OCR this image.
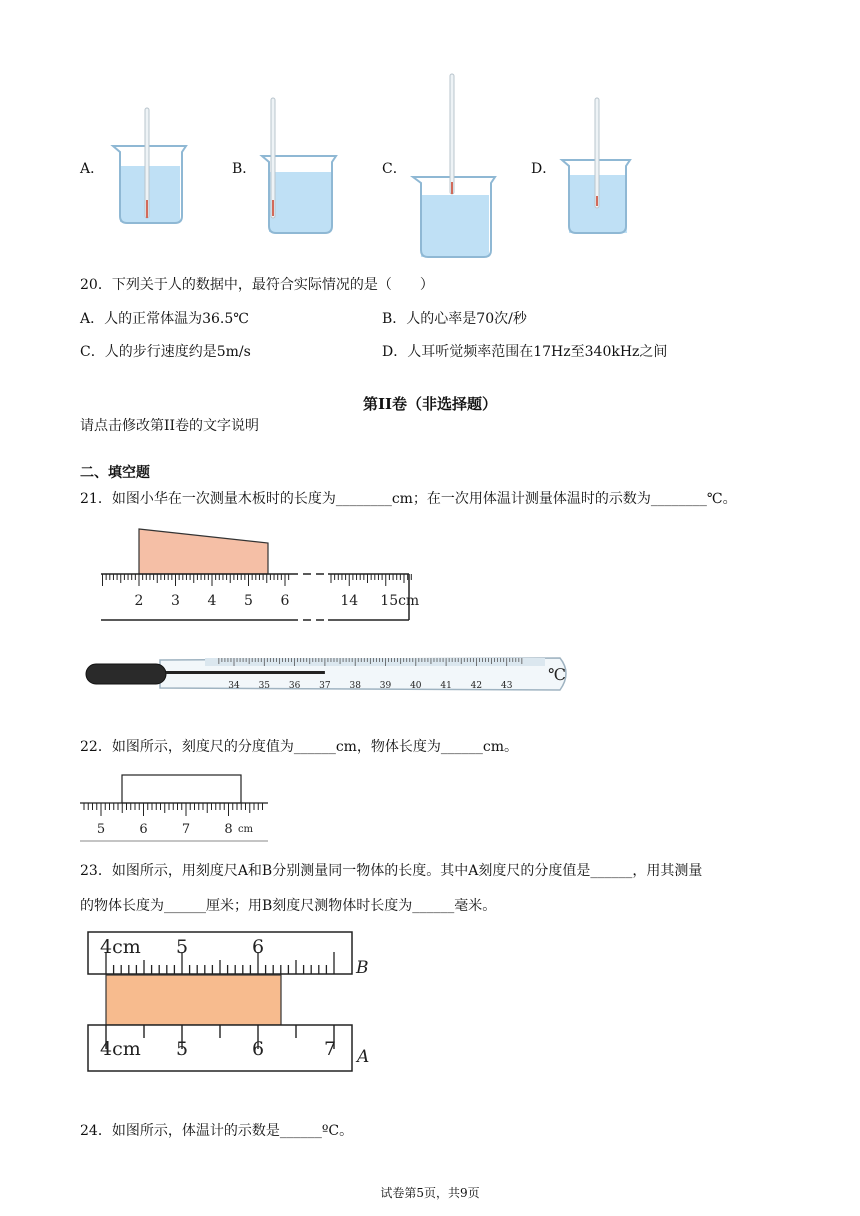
A．	B．	C．	D．
20．下列关于人的数据中，最符合实际情况的是（　　）
A．人的正常体温为36.5℃	B．人的心率是70次/秒
C．人的步行速度约是5m/s	D．人耳听觉频率范围在17Hz至340kHz之间
第II卷（非选择题）
请点击修改第II卷的文字说明
二、填空题
21．如图小华在一次测量木板时的长度为________cm；在一次用体温计测量体温时的示数为________℃。
2 3 4 5 6	14 15cm
34 35 36 37 38 39 40 41 42 43
℃
22．如图所示，刻度尺的分度值为______cm，物体长度为______cm。
5	6	7	8 cm
23．如图所示，用刻度尺A和B分别测量同一物体的长度。其中A刻度尺的分度值是______，用其测量
的物体长度为______厘米；用B刻度尺测物体时长度为______毫米。
4cm 5	6
B
4cm 5	6	7 A
24．如图所示，体温计的示数是______ºC。
试卷第5页，共9页
